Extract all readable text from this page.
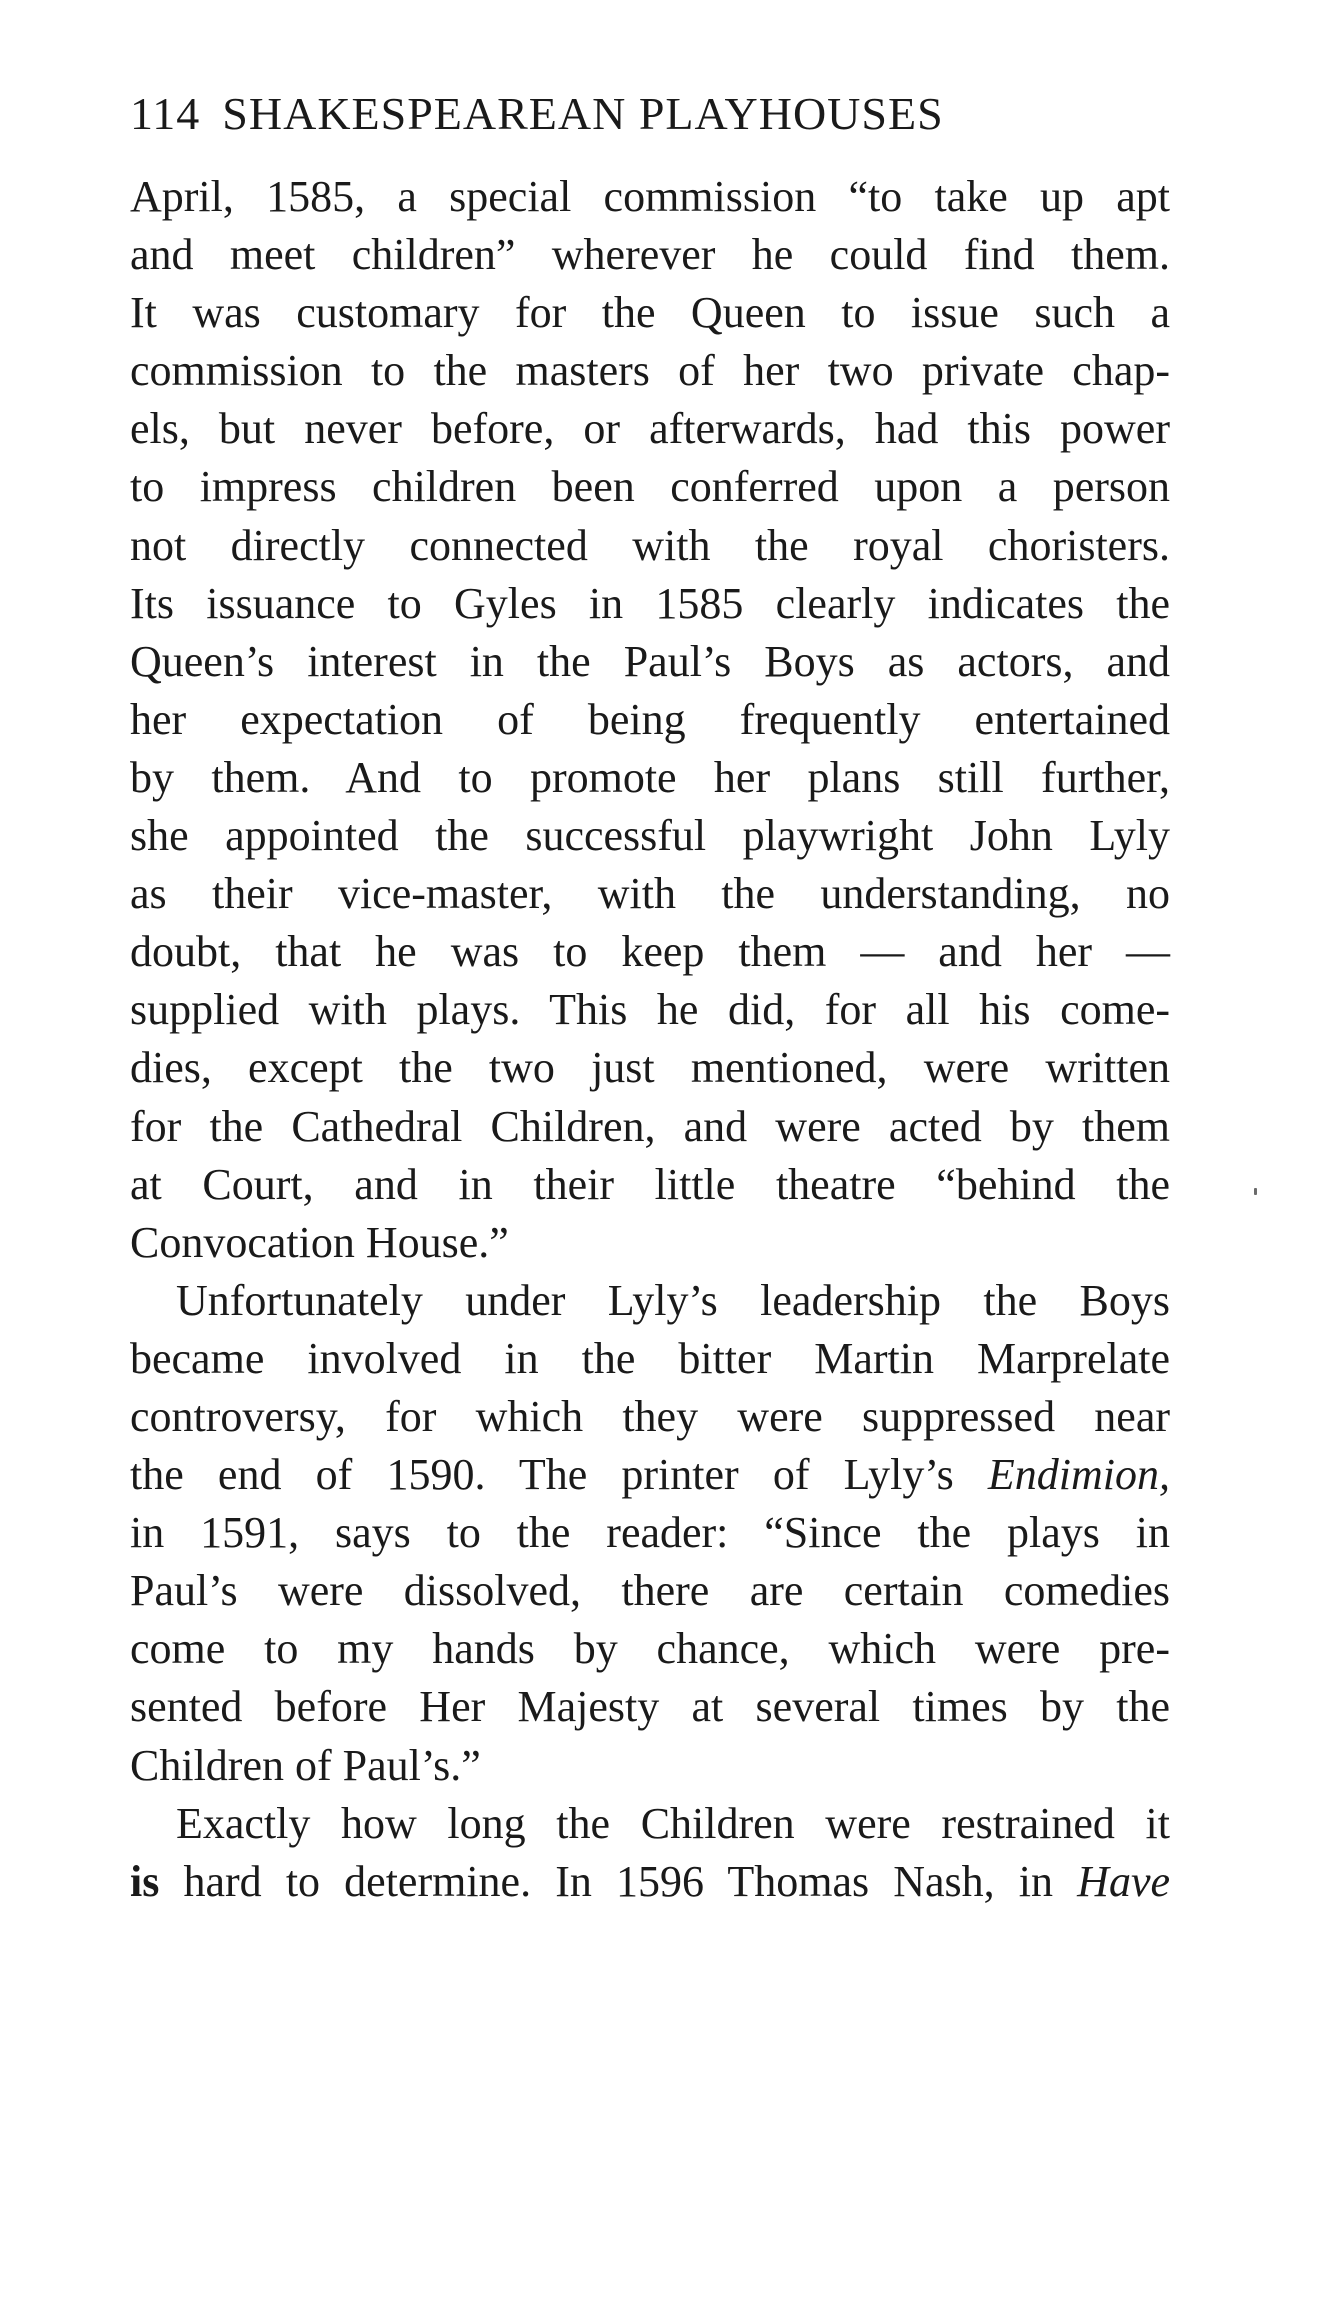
114 SHAKESPEAREAN PLAYHOUSES
April, 1585, a special commission “to take up apt
and meet children” wherever he could find them.
It was customary for the Queen to issue such a
commission to the masters of her two private chap-
els, but never before, or afterwards, had this power
to impress children been conferred upon a person
not directly connected with the royal choristers.
Its issuance to Gyles in 1585 clearly indicates the
Queen’s interest in the Paul’s Boys as actors, and
her expectation of being frequently entertained
by them. And to promote her plans still further,
she appointed the successful playwright John Lyly
as their vice-master, with the understanding, no
doubt, that he was to keep them — and her —
supplied with plays. This he did, for all his come-
dies, except the two just mentioned, were written
for the Cathedral Children, and were acted by them
at Court, and in their little theatre “behind the
Convocation House.”
Unfortunately under Lyly’s leadership the Boys
became involved in the bitter Martin Marprelate
controversy, for which they were suppressed near
the end of 1590. The printer of Lyly’s Endimion,
in 1591, says to the reader: “Since the plays in
Paul’s were dissolved, there are certain comedies
come to my hands by chance, which were pre-
sented before Her Majesty at several times by the
Children of Paul’s.”
Exactly how long the Children were restrained it
is hard to determine. In 1596 Thomas Nash, in Have
